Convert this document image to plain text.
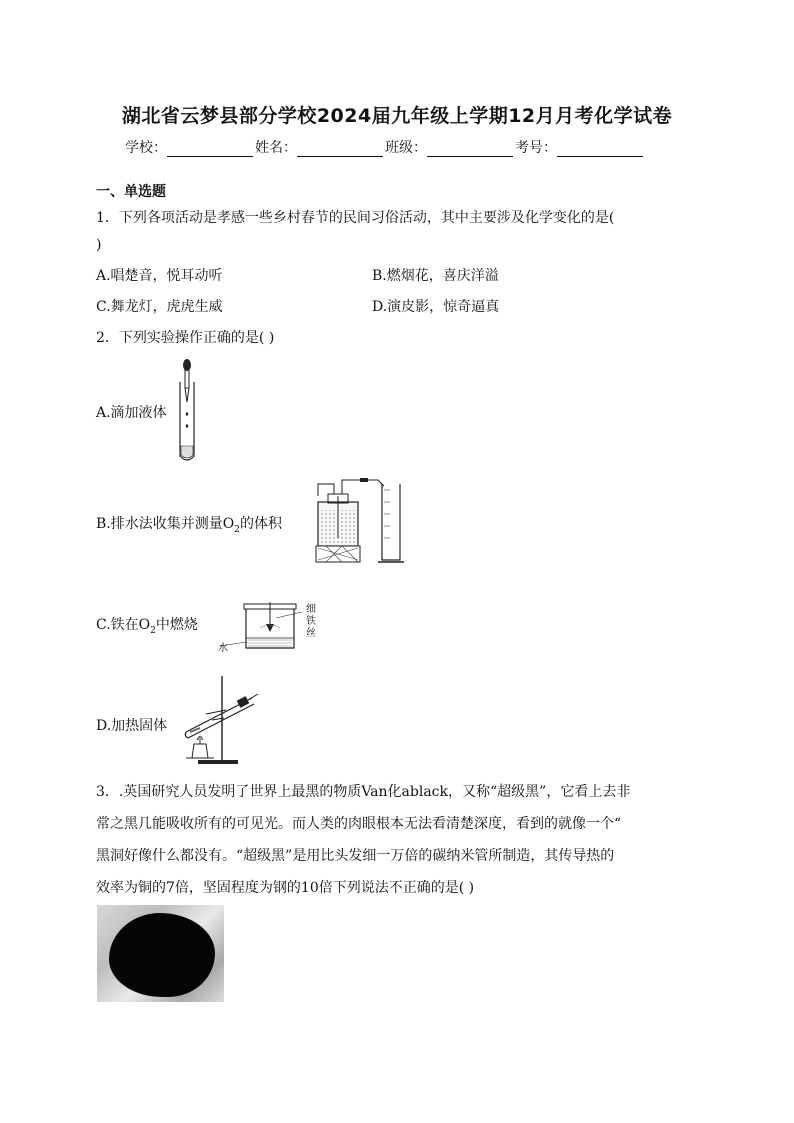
湖北省云梦县部分学校2024届九年级上学期12月月考化学试卷
学校：	姓名：	班级：	考号：
一、单选题
1．下列各项活动是孝感一些乡村春节的民间习俗活动，其中主要涉及化学变化的是(
)
A.唱楚音，悦耳动听	B.燃烟花，喜庆洋溢
C.舞龙灯，虎虎生威	D.演皮影，惊奇逼真
2．下列实验操作正确的是( )
A.滴加液体
B.排水法收集并测量$O_2$的体积
C.铁在$O_2$中燃烧
水
细
铁
丝
D.加热固体
3．.英国研究人员发明了世界上最黑的物质Van化ablack，又称“超级黑”，它看上去非
常之黑几能吸收所有的可见光。而人类的肉眼根本无法看清楚深度，看到的就像一个“
黑洞好像什么都没有。“超级黑”是用比头发细一万倍的碳纳米管所制造，其传导热的
效率为铜的7倍，坚固程度为钢的10倍下列说法不正确的是( )
